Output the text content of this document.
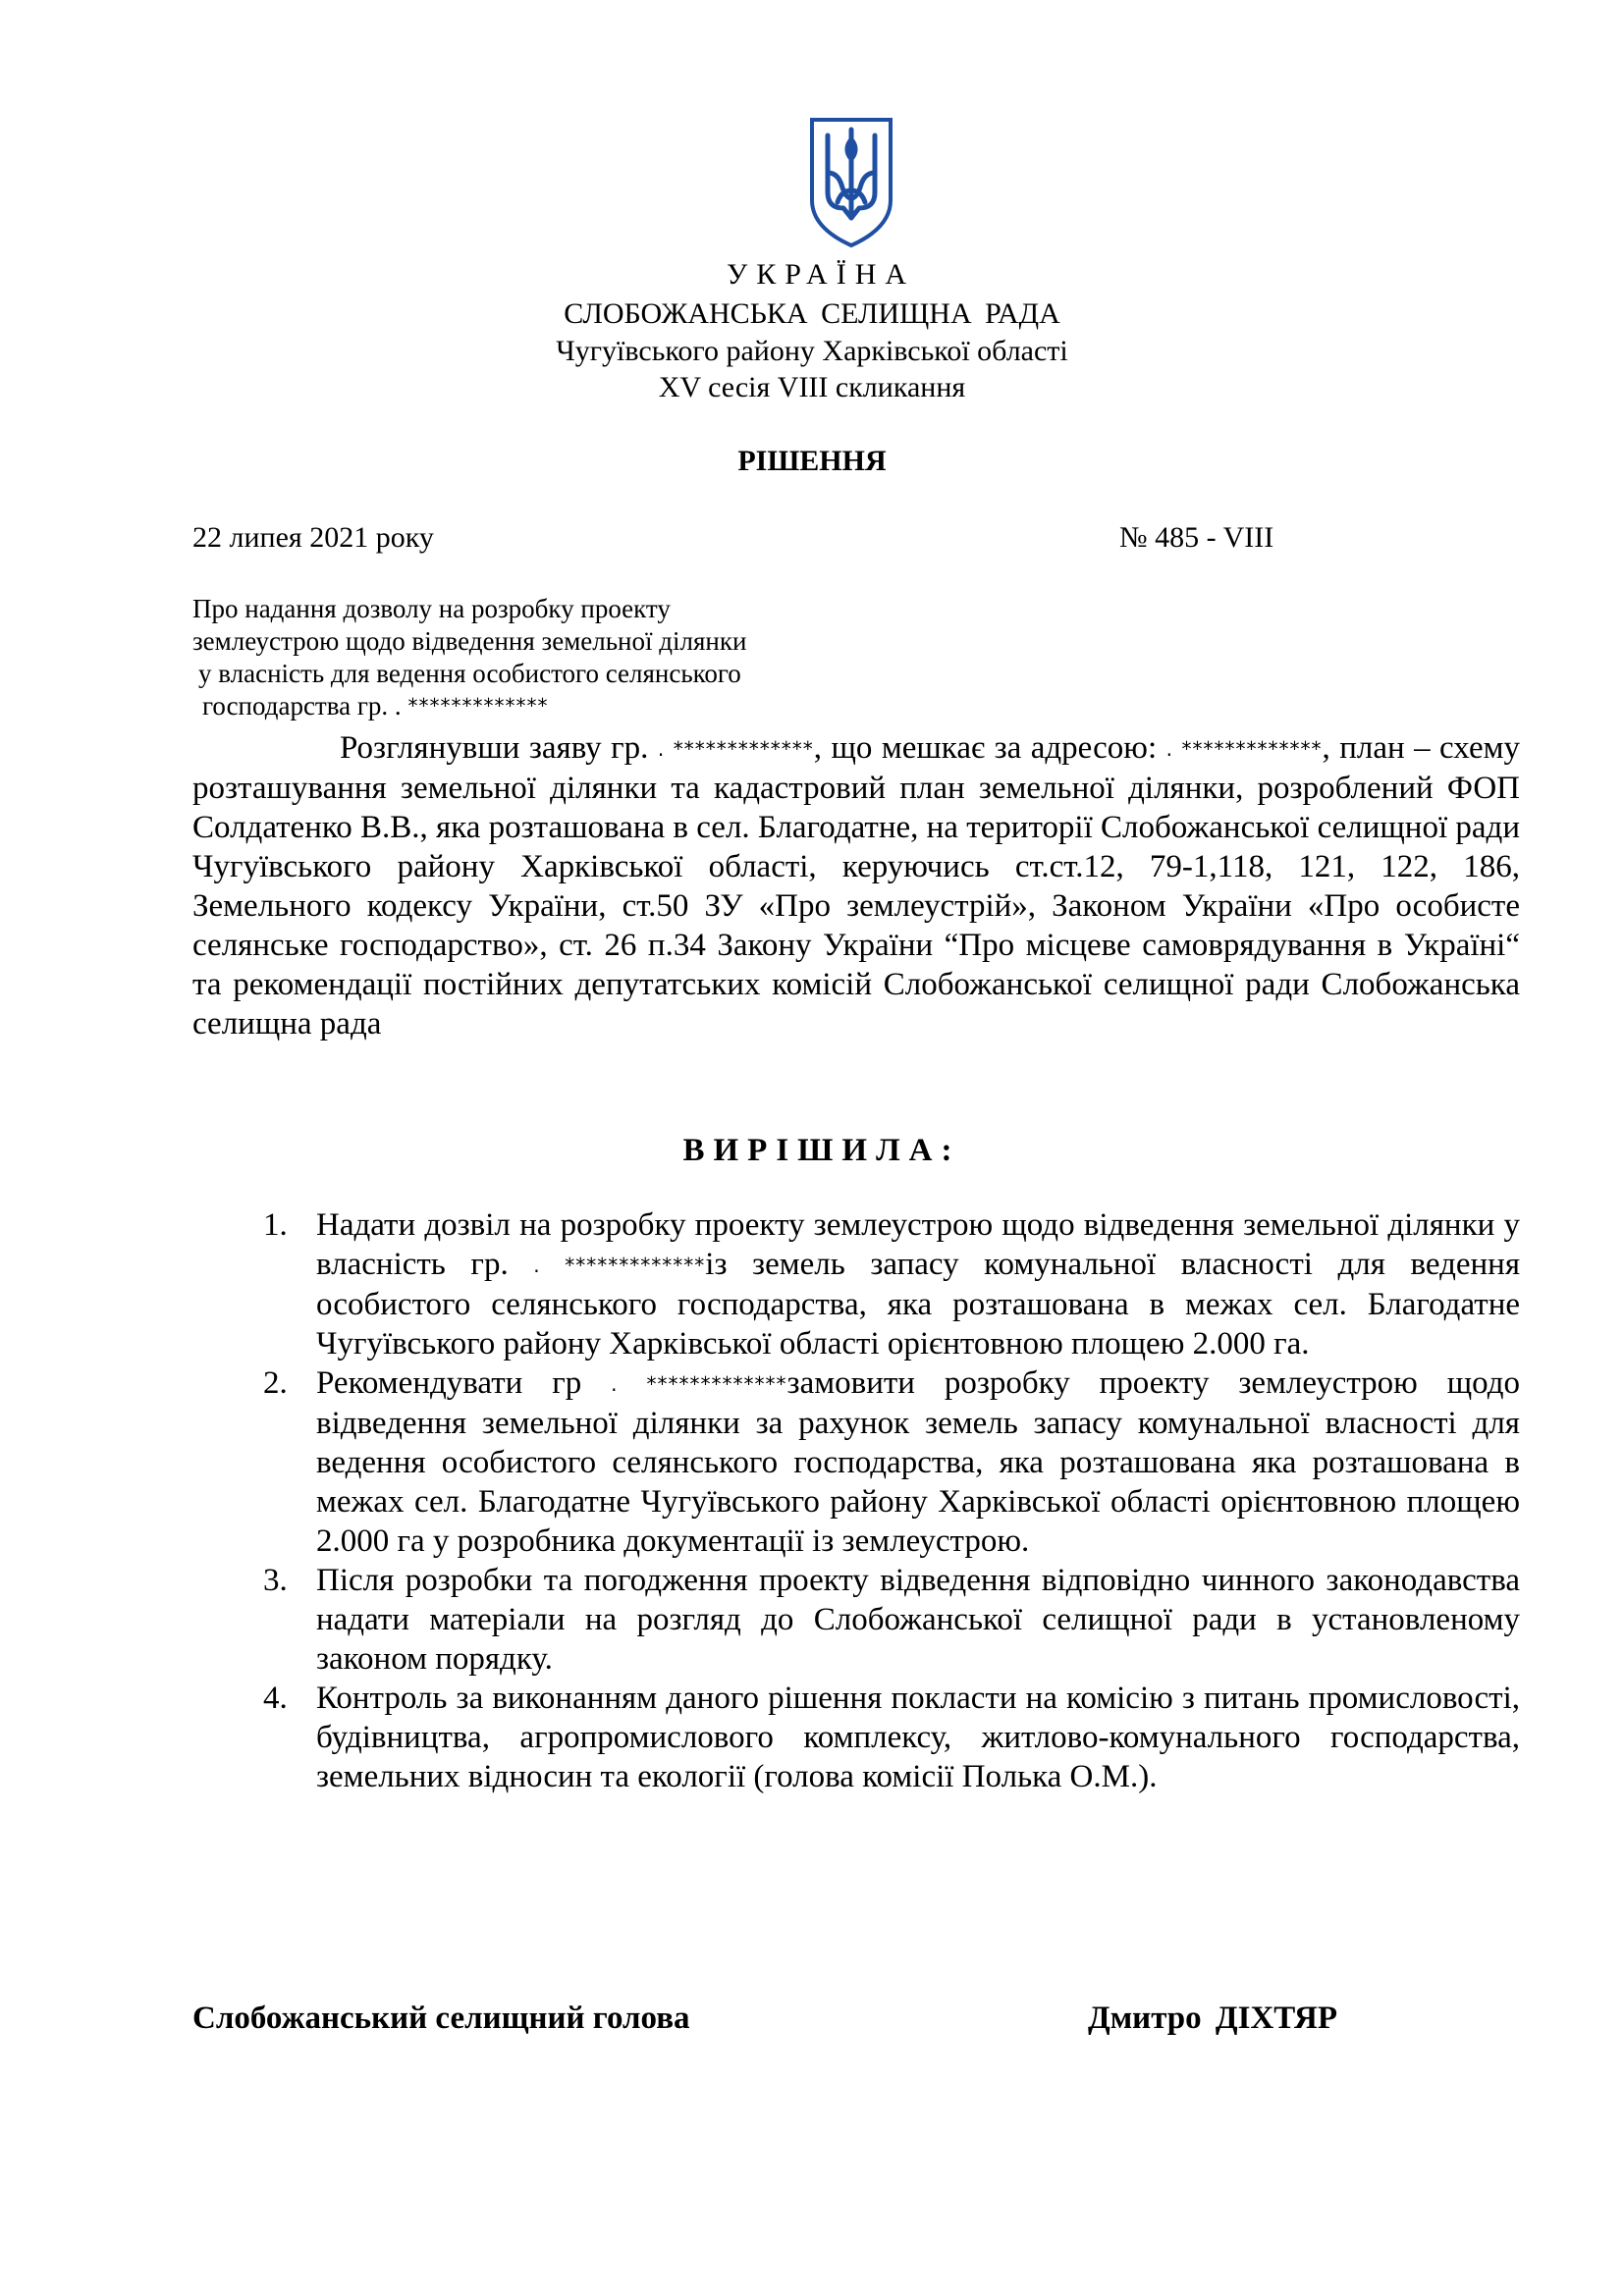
УКРАЇНА
СЛОБОЖАНСЬКА СЕЛИЩНА РАДА
Чугуївського району Харківської області
XV сесія VIII скликання
РІШЕННЯ
22 липея 2021 року	№ 485 - VIII
Про надання дозволу на розробку проекту
землеустрою щодо відведення земельної ділянки
у власність для ведення особистого селянського
господарства гр. . *************
Розглянувши заяву гр. . *************, що мешкає за адресою: . *************, план – схему розташування земельної ділянки та кадастровий план земельної ділянки, розроблений ФОП Солдатенко В.В., яка розташована в сел. Благодатне, на території Слобожанської селищної ради Чугуївського району Харківської області, керуючись ст.ст.12, 79-1,118, 121, 122, 186, Земельного кодексу України, ст.50 ЗУ «Про землеустрій», Законом України «Про особисте селянське господарство», ст. 26 п.34 Закону України “Про місцеве самоврядування в Україні“ та рекомендації постійних депутатських комісій Слобожанської селищної ради Слобожанська селищна рада
ВИРІШИЛА:
1. Надати дозвіл на розробку проекту землеустрою щодо відведення земельної ділянки у власність гр. . *************із земель запасу комунальної власності для ведення особистого селянського господарства, яка розташована в межах сел. Благодатне Чугуївського району Харківської області орієнтовною площею 2.000 га.
2. Рекомендувати гр . *************замовити розробку проекту землеустрою щодо відведення земельної ділянки за рахунок земель запасу комунальної власності для ведення особистого селянського господарства, яка розташована яка розташована в межах сел. Благодатне Чугуївського району Харківської області орієнтовною площею 2.000 га у розробника документації із землеустрою.
3. Після розробки та погодження проекту відведення відповідно чинного законодавства надати матеріали на розгляд до Слобожанської селищної ради в установленому законом порядку.
4. Контроль за виконанням даного рішення покласти на комісію з питань промисловості, будівництва, агропромислового комплексу, житлово-комунального господарства, земельних відносин та екології (голова комісії Полька О.М.).
Слобожанський селищний голова	Дмитро ДІХТЯР
